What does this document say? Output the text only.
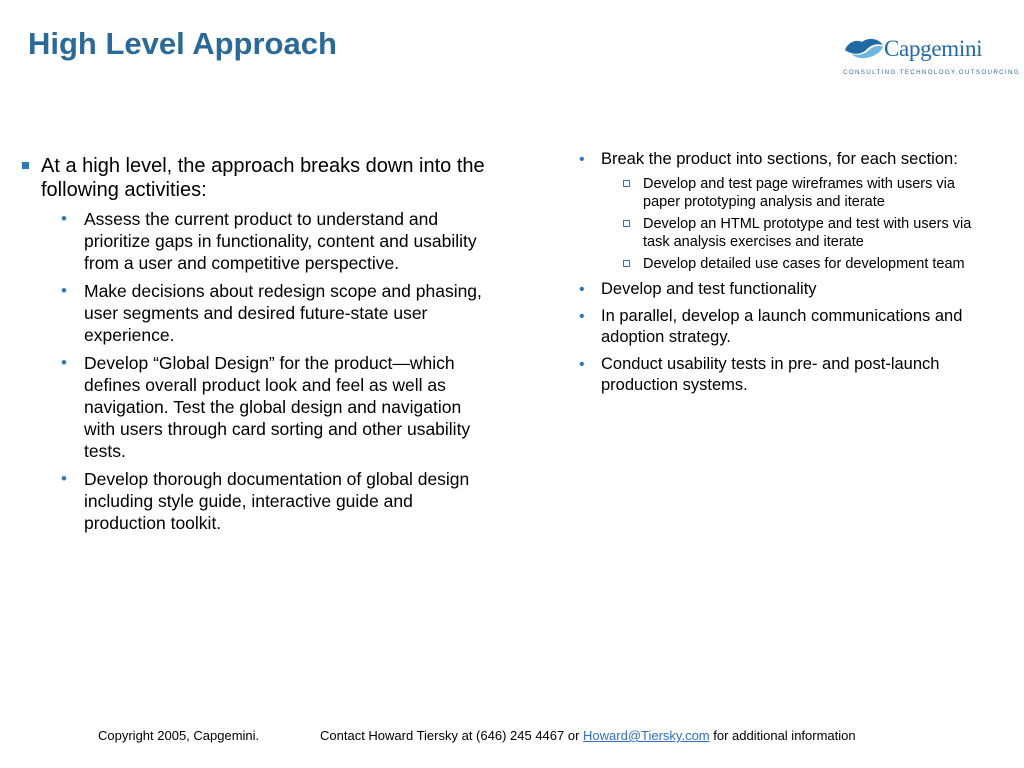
High Level Approach	Capgemini
CONSULTING.TECHNOLOGY.OUTSOURCING
At a high level, the approach breaks down into the following activities:
• Assess the current product to understand and prioritize gaps in functionality, content and usability from a user and competitive perspective.
• Make decisions about redesign scope and phasing, user segments and desired future-state user experience.
• Develop “Global Design” for the product—which defines overall product look and feel as well as navigation. Test the global design and navigation with users through card sorting and other usability tests.
• Develop thorough documentation of global design including style guide, interactive guide and production toolkit.
• Break the product into sections, for each section:
Develop and test page wireframes with users via paper prototyping analysis and iterate
Develop an HTML prototype and test with users via task analysis exercises and iterate
Develop detailed use cases for development team
• Develop and test functionality
• In parallel, develop a launch communications and adoption strategy.
• Conduct usability tests in pre- and post-launch production systems.
Copyright 2005, Capgemini.	Contact Howard Tiersky at (646) 245 4467 or Howard@Tiersky.com for additional information
